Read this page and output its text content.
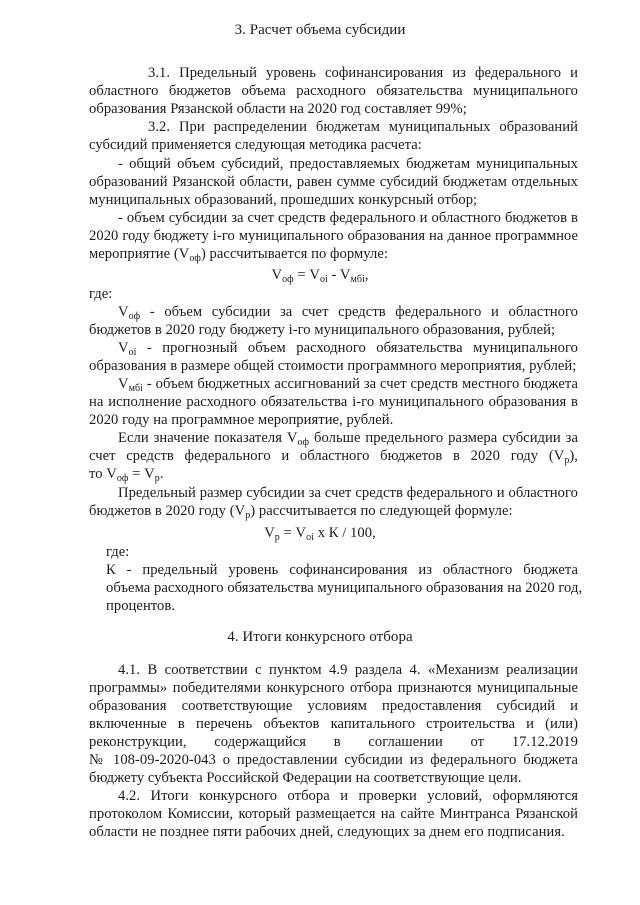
3. Расчет объема субсидии
3.1. Предельный уровень софинансирования из федерального и
областного бюджетов объема расходного обязательства муниципального
образования Рязанской области на 2020 год составляет 99%;
3.2. При распределении бюджетам муниципальных образований
субсидий применяется следующая методика расчета:
- общий объем субсидий, предоставляемых бюджетам муниципальных
образований Рязанской области, равен сумме субсидий бюджетам отдельных
муниципальных образований, прошедших конкурсный отбор;
- объем субсидии за счет средств федерального и областного бюджетов в
2020 году бюджету i-го муниципального образования на данное программное
мероприятие $(V_{оф})$ рассчитывается по формуле:
$V_{оф} = V_{oi} - V_{мбi}$,
где:
$V_{оф}$ - объем субсидии за счет средств федерального и областного
бюджетов в 2020 году бюджету i-го муниципального образования, рублей;
$V_{oi}$ - прогнозный объем расходного обязательства муниципального
образования в размере общей стоимости программного мероприятия, рублей;
$V_{мбi}$ - объем бюджетных ассигнований за счет средств местного бюджета
на исполнение расходного обязательства i-го муниципального образования в
2020 году на программное мероприятие, рублей.
Если значение показателя $V_{оф}$ больше предельного размера субсидии за
счет средств федерального и областного бюджетов в 2020 году $(V_р)$,
то $V_{оф} = V_р$.
Предельный размер субсидии за счет средств федерального и областного
бюджетов в 2020 году $(V_р)$ рассчитывается по следующей формуле:
$V_р = V_{oi}$ x К / 100,
где:
К - предельный уровень софинансирования из областного бюджета
объема расходного обязательства муниципального образования на 2020 год,
процентов.
4. Итоги конкурсного отбора
4.1. В соответствии с пунктом 4.9 раздела 4. «Механизм реализации
программы» победителями конкурсного отбора признаются муниципальные
образования соответствующие условиям предоставления субсидий и
включенные в перечень объектов капитального строительства и (или)
реконструкции, содержащийся в соглашении от 17.12.2019
№ 108-09-2020-043 о предоставлении субсидии из федерального бюджета
бюджету субъекта Российской Федерации на соответствующие цели.
4.2. Итоги конкурсного отбора и проверки условий, оформляются
протоколом Комиссии, который размещается на сайте Минтранса Рязанской
области не позднее пяти рабочих дней, следующих за днем его подписания.
